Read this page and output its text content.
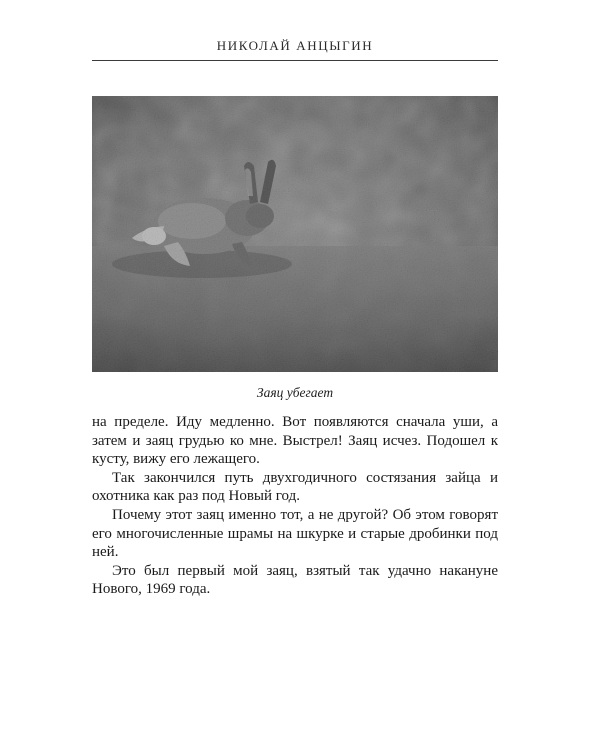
НИКОЛАЙ АНЦЫГИН
Заяц убегает

на пределе. Иду медленно. Вот появляются сначала уши, а затем и заяц грудью ко мне. Выстрел! Заяц исчез. Подошел к кусту, вижу его лежащего.

Так закончился путь двухгодичного состязания зайца и охотника как раз под Новый год.

Почему этот заяц именно тот, а не другой? Об этом говорят его многочисленные шрамы на шкурке и старые дробинки под ней.

Это был первый мой заяц, взятый так удачно накануне Нового, 1969 года.
